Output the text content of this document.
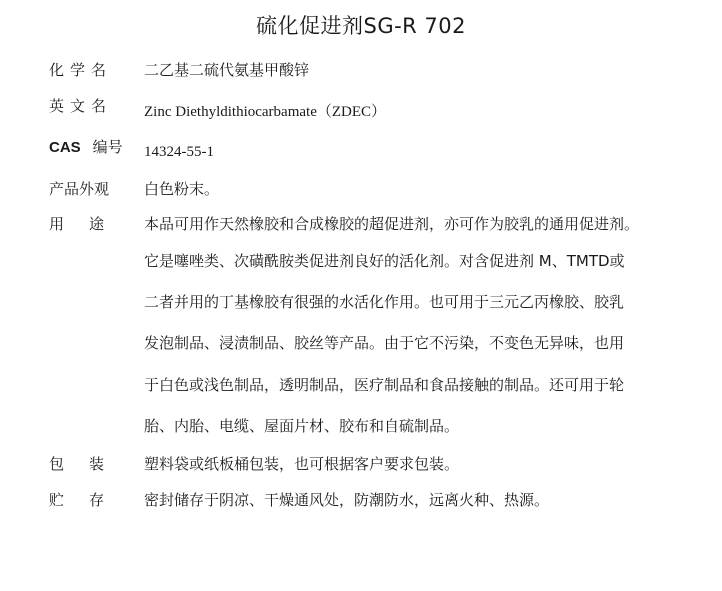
硫化促进剂SG-R 702
化学名 二乙基二硫代氨基甲酸锌
英文名 Zinc Diethyldithiocarbamate（ZDEC）
CAS 编号 14324-55-1
产品外观 白色粉末。
用途 本品可用作天然橡胶和合成橡胶的超促进剂，亦可作为胶乳的通用促进剂。
它是噻唑类、次磺酰胺类促进剂良好的活化剂。对含促进剂 M、TMTD或
二者并用的丁基橡胶有很强的水活化作用。也可用于三元乙丙橡胶、胶乳
发泡制品、浸渍制品、胶丝等产品。由于它不污染，不变色无异味，也用
于白色或浅色制品，透明制品，医疗制品和食品接触的制品。还可用于轮
胎、内胎、电缆、屋面片材、胶布和自硫制品。
包装 塑料袋或纸板桶包装，也可根据客户要求包装。
贮存 密封储存于阴凉、干燥通风处，防潮防水，远离火种、热源。
